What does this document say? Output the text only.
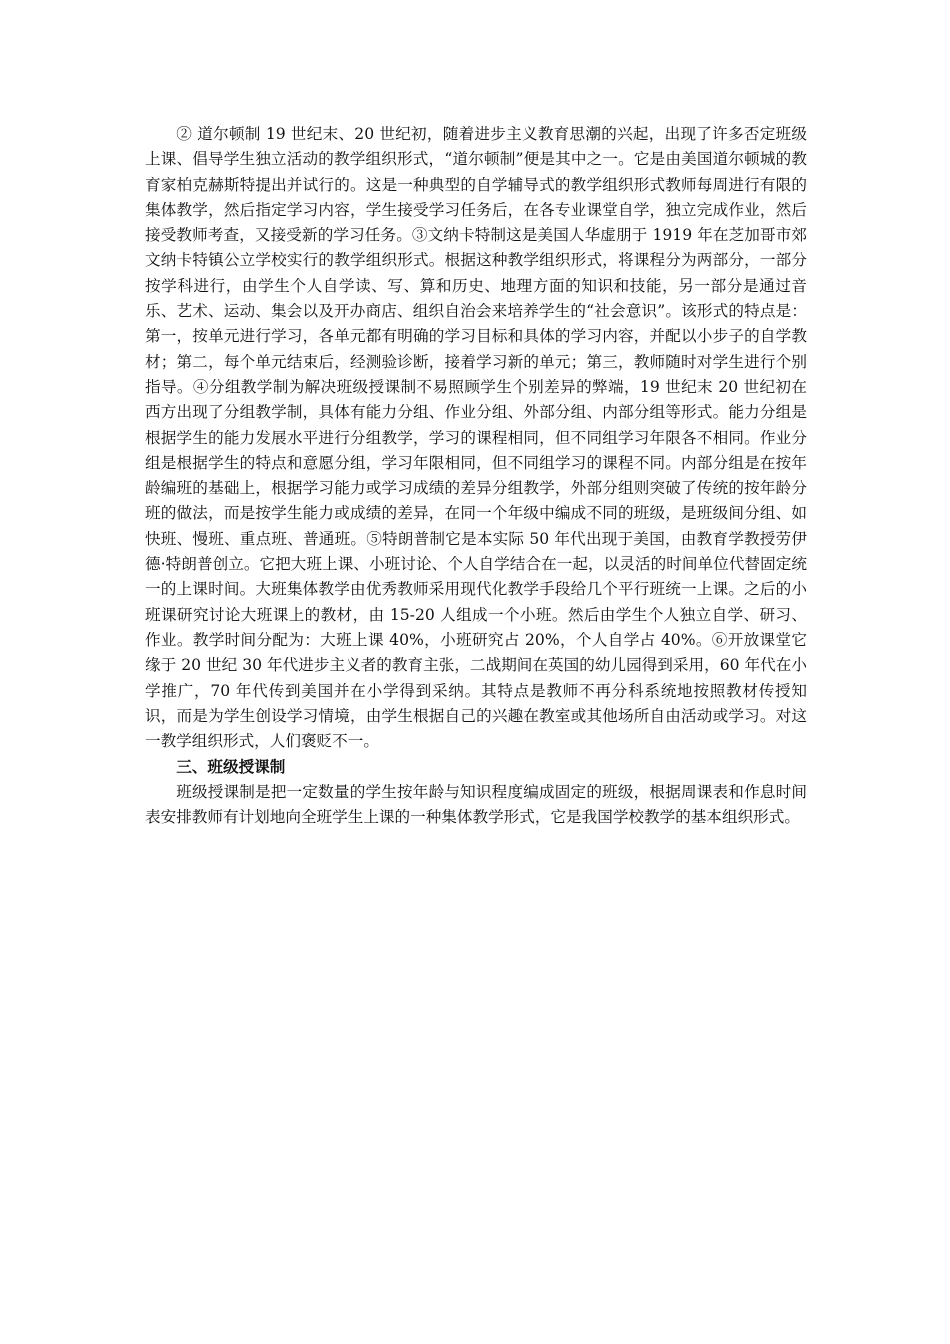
② 道尔顿制 19 世纪末、20 世纪初，随着进步主义教育思潮的兴起，出现了许多否定班级上课、倡导学生独立活动的教学组织形式，“道尔顿制”便是其中之一。它是由美国道尔顿城的教育家柏克赫斯特提出并试行的。这是一种典型的自学辅导式的教学组织形式教师每周进行有限的集体教学，然后指定学习内容，学生接受学习任务后，在各专业课堂自学，独立完成作业，然后接受教师考查，又接受新的学习任务。③文纳卡特制这是美国人华虚朋于 1919 年在芝加哥市郊文纳卡特镇公立学校实行的教学组织形式。根据这种教学组织形式，将课程分为两部分，一部分按学科进行，由学生个人自学读、写、算和历史、地理方面的知识和技能，另一部分是通过音乐、艺术、运动、集会以及开办商店、组织自治会来培养学生的“社会意识”。该形式的特点是：第一，按单元进行学习，各单元都有明确的学习目标和具体的学习内容，并配以小步子的自学教材；第二，每个单元结束后，经测验诊断，接着学习新的单元；第三，教师随时对学生进行个别指导。④分组教学制为解决班级授课制不易照顾学生个别差异的弊端，19 世纪末 20 世纪初在西方出现了分组教学制，具体有能力分组、作业分组、外部分组、内部分组等形式。能力分组是根据学生的能力发展水平进行分组教学，学习的课程相同，但不同组学习年限各不相同。作业分组是根据学生的特点和意愿分组，学习年限相同，但不同组学习的课程不同。内部分组是在按年龄编班的基础上，根据学习能力或学习成绩的差异分组教学，外部分组则突破了传统的按年龄分班的做法，而是按学生能力或成绩的差异，在同一个年级中编成不同的班级，是班级间分组、如快班、慢班、重点班、普通班。⑤特朗普制它是本实际 50 年代出现于美国，由教育学教授劳伊德·特朗普创立。它把大班上课、小班讨论、个人自学结合在一起，以灵活的时间单位代替固定统一的上课时间。大班集体教学由优秀教师采用现代化教学手段给几个平行班统一上课。之后的小班课研究讨论大班课上的教材，由 15-20 人组成一个小班。然后由学生个人独立自学、研习、作业。教学时间分配为：大班上课 40%，小班研究占 20%，个人自学占 40%。⑥开放课堂它缘于 20 世纪 30 年代进步主义者的教育主张，二战期间在英国的幼儿园得到采用，60 年代在小学推广，70 年代传到美国并在小学得到采纳。其特点是教师不再分科系统地按照教材传授知识，而是为学生创设学习情境，由学生根据自己的兴趣在教室或其他场所自由活动或学习。对这一教学组织形式，人们褒贬不一。

三、班级授课制

班级授课制是把一定数量的学生按年龄与知识程度编成固定的班级，根据周课表和作息时间表安排教师有计划地向全班学生上课的一种集体教学形式，它是我国学校教学的基本组织形式。
